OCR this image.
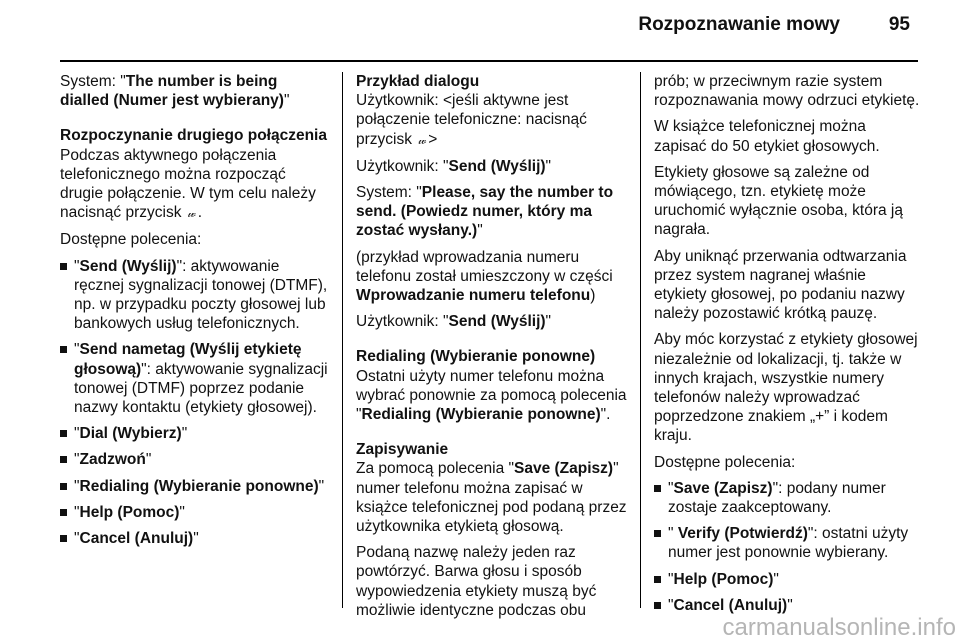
Rozpoznawanie mowy	95

System: "The number is being dialled (Numer jest wybierany)"

Rozpoczynanie drugiego połączenia
Podczas aktywnego połączenia telefonicznego można rozpocząć drugie połączenie. W tym celu należy nacisnąć przycisk 𝓌 .

Dostępne polecenia:

"Send (Wyślij)": aktywowanie ręcznej sygnalizacji tonowej (DTMF), np. w przypadku poczty głosowej lub bankowych usług telefonicznych.
"Send nametag (Wyślij etykietę głosową)": aktywowanie sygnalizacji tonowej (DTMF) poprzez podanie nazwy kontaktu (etykiety głosowej).
"Dial (Wybierz)"
"Zadzwoń"
"Redialing (Wybieranie ponowne)"
"Help (Pomoc)"
"Cancel (Anuluj)"

Przykład dialogu
Użytkownik: <jeśli aktywne jest połączenie telefoniczne: nacisnąć przycisk 𝓌 >

Użytkownik: "Send (Wyślij)"

System: "Please, say the number to send. (Powiedz numer, który ma zostać wysłany.)"

(przykład wprowadzania numeru telefonu został umieszczony w części Wprowadzanie numeru telefonu)

Użytkownik: "Send (Wyślij)"

Redialing (Wybieranie ponowne)
Ostatni użyty numer telefonu można wybrać ponownie za pomocą polecenia "Redialing (Wybieranie ponowne)".

Zapisywanie
Za pomocą polecenia "Save (Zapisz)" numer telefonu można zapisać w książce telefonicznej pod podaną przez użytkownika etykietą głosową.

Podaną nazwę należy jeden raz powtórzyć. Barwa głosu i sposób wypowiedzenia etykiety muszą być możliwie identyczne podczas obu

prób; w przeciwnym razie system rozpoznawania mowy odrzuci etykietę.

W książce telefonicznej można zapisać do 50 etykiet głosowych.

Etykiety głosowe są zależne od mówiącego, tzn. etykietę może uruchomić wyłącznie osoba, która ją nagrała.

Aby uniknąć przerwania odtwarzania przez system nagranej właśnie etykiety głosowej, po podaniu nazwy należy pozostawić krótką pauzę.

Aby móc korzystać z etykiety głosowej niezależnie od lokalizacji, tj. także w innych krajach, wszystkie numery telefonów należy wprowadzać poprzedzone znakiem „+” i kodem kraju.

Dostępne polecenia:

"Save (Zapisz)": podany numer zostaje zaakceptowany.
" Verify (Potwierdź)": ostatni użyty numer jest ponownie wybierany.
"Help (Pomoc)"
"Cancel (Anuluj)"
carmanualsonline.info
